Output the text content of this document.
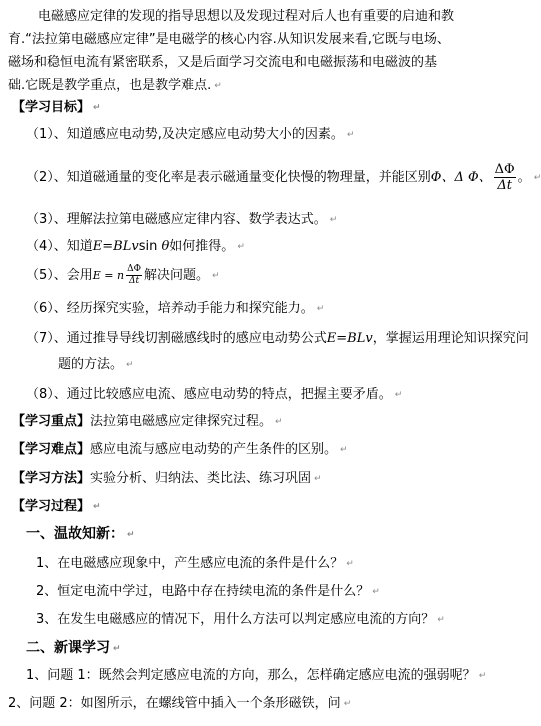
电磁感应定律的发现的指导思想以及发现过程对后人也有重要的启迪和教
育.“法拉第电磁感应定律”是电磁学的核心内容.从知识发展来看,它既与电场、
磁场和稳恒电流有紧密联系，又是后面学习交流电和电磁振荡和电磁波的基
础.它既是教学重点，也是教学难点. ↵
【学习目标】 ↵
（1）、知道感应电动势,及决定感应电动势大小的因素。 ↵
（2）、知道磁通量的变化率是表示磁通量变化快慢的物理量，并能区别Φ、Δ Φ、 $\frac{\Delta\Phi}{\Delta t}$ 。 ↵
（3）、理解法拉第电磁感应定律内容、数学表达式。 ↵
（4）、知道E=BLvsin θ如何推得。 ↵
（5）、会用E = n $\frac{\Delta\Phi}{\Delta t}$ 解决问题。 ↵
（6）、经历探究实验，培养动手能力和探究能力。 ↵
（7）、通过推导导线切割磁感线时的感应电动势公式E=BLv，掌握运用理论知识探究问
题的方法。 ↵
（8）、通过比较感应电流、感应电动势的特点，把握主要矛盾。 ↵
【学习重点】法拉第电磁感应定律探究过程。 ↵
【学习难点】感应电流与感应电动势的产生条件的区别。 ↵
【学习方法】实验分析、归纳法、类比法、练习巩固 ↵
【学习过程】 ↵
一、温故知新： ↵
1、在电磁感应现象中，产生感应电流的条件是什么？ ↵
2、恒定电流中学过，电路中存在持续电流的条件是什么？ ↵
3、在发生电磁感应的情况下，用什么方法可以判定感应电流的方向？ ↵
二、新课学习 ↵
1、问题 1：既然会判定感应电流的方向，那么，怎样确定感应电流的强弱呢？ ↵
2、问题 2：如图所示，在螺线管中插入一个条形磁铁，问 ↵
